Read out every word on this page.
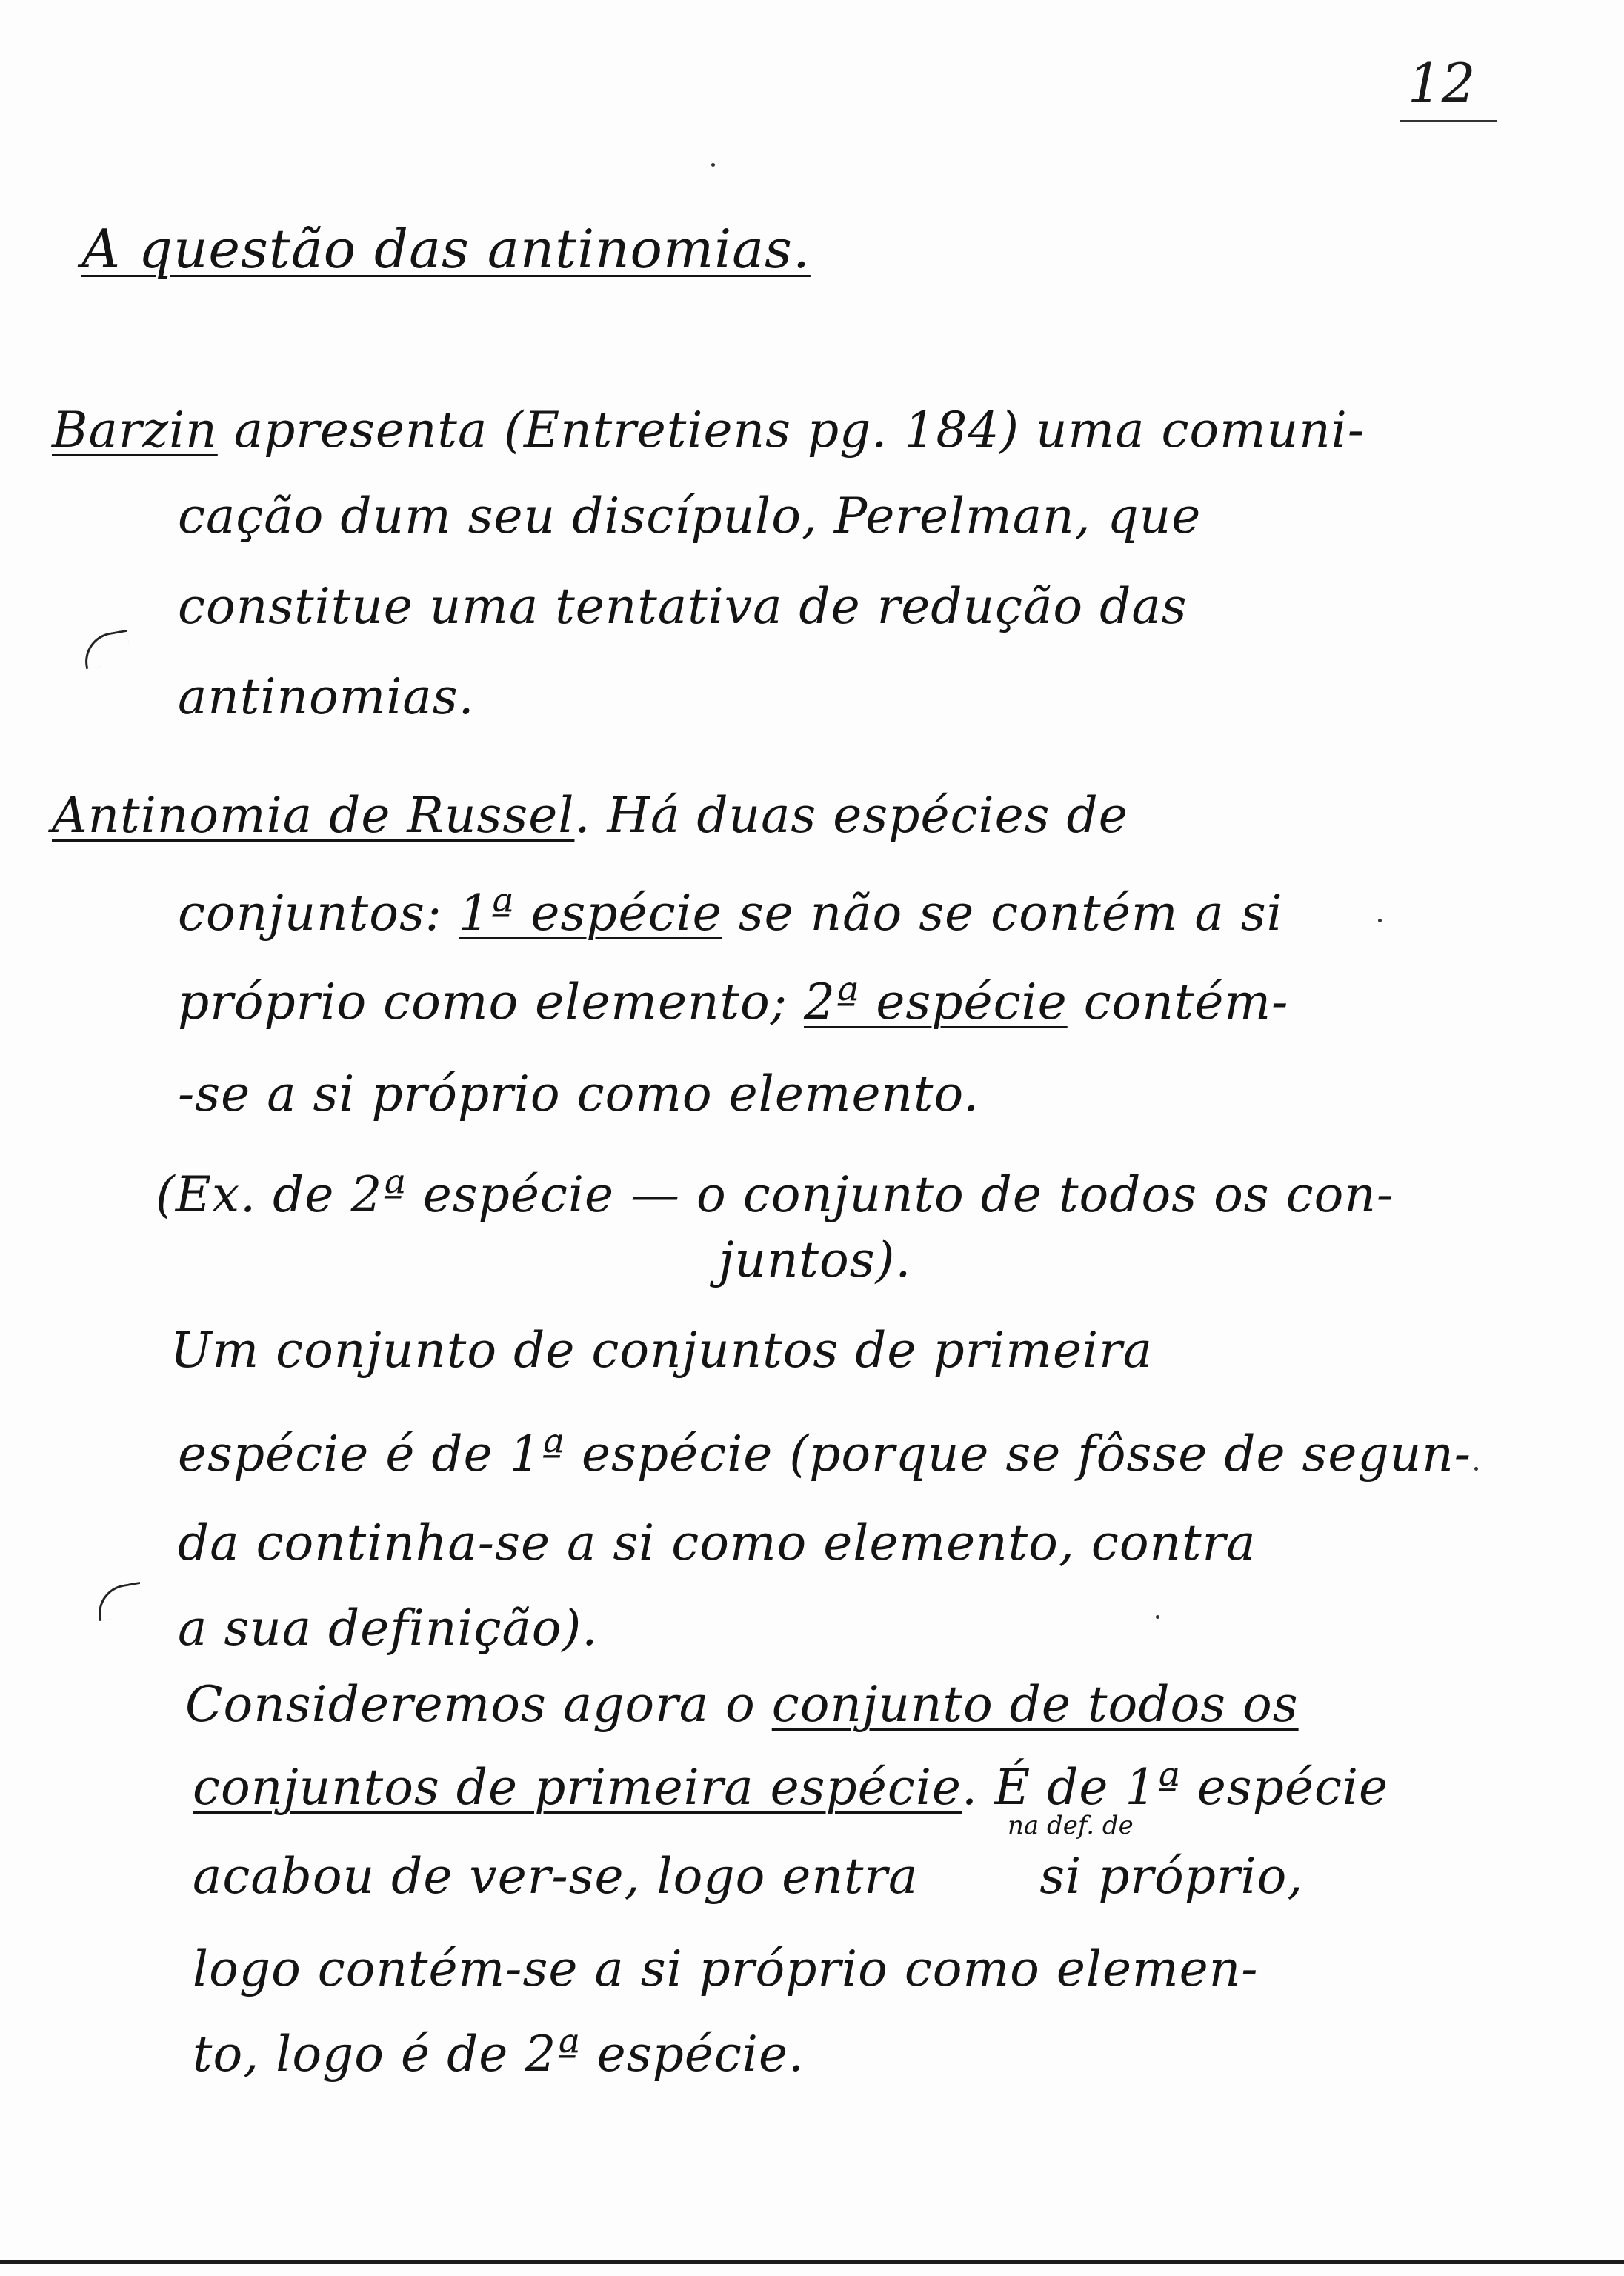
12
A questão das antinomias.
Barzin apresenta (Entretiens pg. 184) uma comuni-
cação dum seu discípulo, Perelman, que
constitue uma tentativa de redução das
antinomias.
Antinomia de Russel. Há duas espécies de
conjuntos: 1ª espécie se não se contém a si
próprio como elemento; 2ª espécie contém-
-se a si próprio como elemento.
(Ex. de 2ª espécie — o conjunto de todos os con-
juntos).
Um conjunto de conjuntos de primeira
espécie é de 1ª espécie (porque se fôsse de segun-
da continha-se a si como elemento, contra
a sua definição).
Consideremos agora o conjunto de todos os
conjuntos de primeira espécie. É de 1ª espécie
na def. de
acabou de ver-se, logo entra  si próprio,
logo contém-se a si próprio como elemen-
to, logo é de 2ª espécie.
